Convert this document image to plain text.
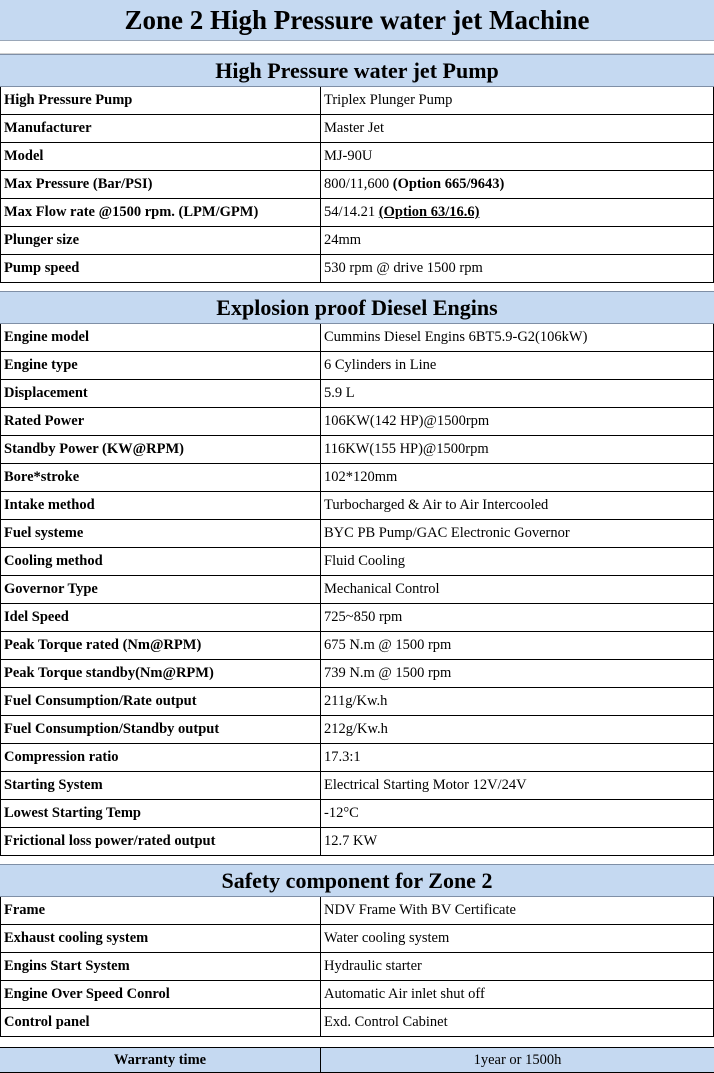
Zone 2 High Pressure water jet Machine
High Pressure water jet Pump
High Pressure Pump	Triplex Plunger Pump
Manufacturer	Master Jet
Model	MJ-90U
Max Pressure (Bar/PSI)	800/11,600 (Option 665/9643)
Max Flow rate @1500 rpm. (LPM/GPM)	54/14.21 (Option 63/16.6)
Plunger size	24mm
Pump speed	530 rpm @ drive 1500 rpm
Explosion proof Diesel Engins
Engine model	Cummins Diesel Engins 6BT5.9-G2(106kW)
Engine type	6 Cylinders in Line
Displacement	5.9 L
Rated Power	106KW(142 HP)@1500rpm
Standby Power (KW@RPM)	116KW(155 HP)@1500rpm
Bore*stroke	102*120mm
Intake method	Turbocharged & Air to Air Intercooled
Fuel systeme	BYC PB Pump/GAC Electronic Governor
Cooling method	Fluid Cooling
Governor Type	Mechanical Control
Idel Speed	725~850 rpm
Peak Torque rated (Nm@RPM)	675 N.m @ 1500 rpm
Peak Torque standby(Nm@RPM)	739 N.m @ 1500 rpm
Fuel Consumption/Rate output	211g/Kw.h
Fuel Consumption/Standby output	212g/Kw.h
Compression ratio	17.3:1
Starting System	Electrical Starting Motor 12V/24V
Lowest Starting Temp	-12°C
Frictional loss power/rated output	12.7 KW
Safety component for Zone 2
Frame	NDV Frame With BV Certificate
Exhaust cooling system	Water cooling system
Engins Start System	Hydraulic starter
Engine Over Speed Conrol	Automatic Air inlet shut off
Control panel	Exd. Control Cabinet
Warranty time	1year or 1500h
